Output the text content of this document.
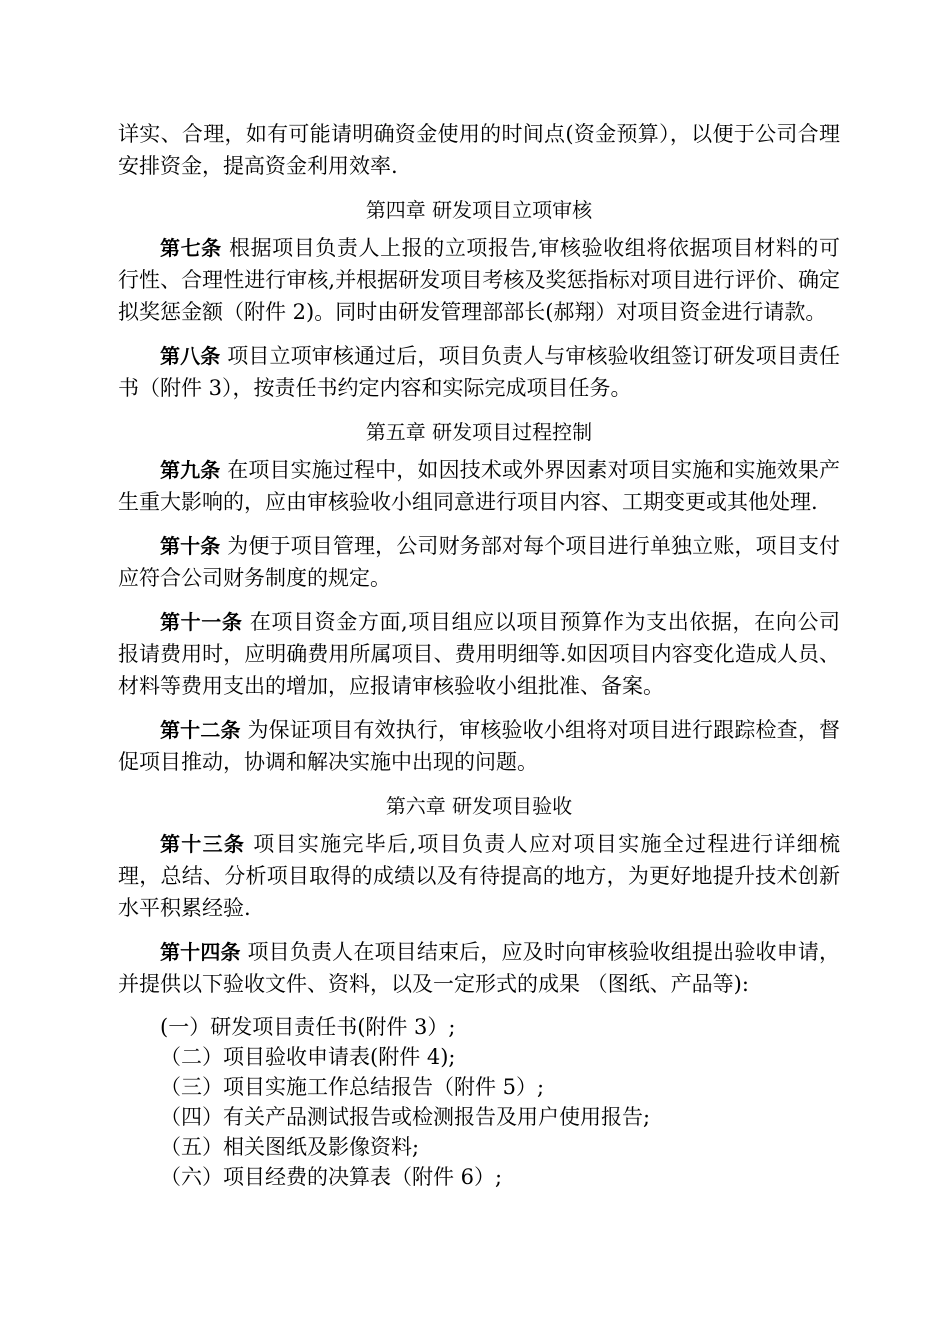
详实、合理，如有可能请明确资金使用的时间点(资金预算），以便于公司合理安排资金，提高资金利用效率.

第四章 研发项目立项审核

第七条 根据项目负责人上报的立项报告,审核验收组将依据项目材料的可行性、合理性进行审核,并根据研发项目考核及奖惩指标对项目进行评价、确定拟奖惩金额（附件 2)。同时由研发管理部部长(郝翔）对项目资金进行请款。

第八条 项目立项审核通过后，项目负责人与审核验收组签订研发项目责任书（附件 3），按责任书约定内容和实际完成项目任务。

第五章 研发项目过程控制

第九条 在项目实施过程中，如因技术或外界因素对项目实施和实施效果产生重大影响的，应由审核验收小组同意进行项目内容、工期变更或其他处理.

第十条 为便于项目管理，公司财务部对每个项目进行单独立账，项目支付应符合公司财务制度的规定。

第十一条 在项目资金方面,项目组应以项目预算作为支出依据，在向公司报请费用时，应明确费用所属项目、费用明细等.如因项目内容变化造成人员、材料等费用支出的增加，应报请审核验收小组批准、备案。

第十二条 为保证项目有效执行，审核验收小组将对项目进行跟踪检查，督促项目推动，协调和解决实施中出现的问题。

第六章 研发项目验收

第十三条 项目实施完毕后,项目负责人应对项目实施全过程进行详细梳理，总结、分析项目取得的成绩以及有待提高的地方，为更好地提升技术创新水平积累经验.

第十四条 项目负责人在项目结束后，应及时向审核验收组提出验收申请，并提供以下验收文件、资料，以及一定形式的成果 （图纸、产品等):

(一）研发项目责任书(附件 3）;

（二）项目验收申请表(附件 4);

（三）项目实施工作总结报告（附件 5）;

（四）有关产品测试报告或检测报告及用户使用报告;

（五）相关图纸及影像资料;

（六）项目经费的决算表（附件 6）;
